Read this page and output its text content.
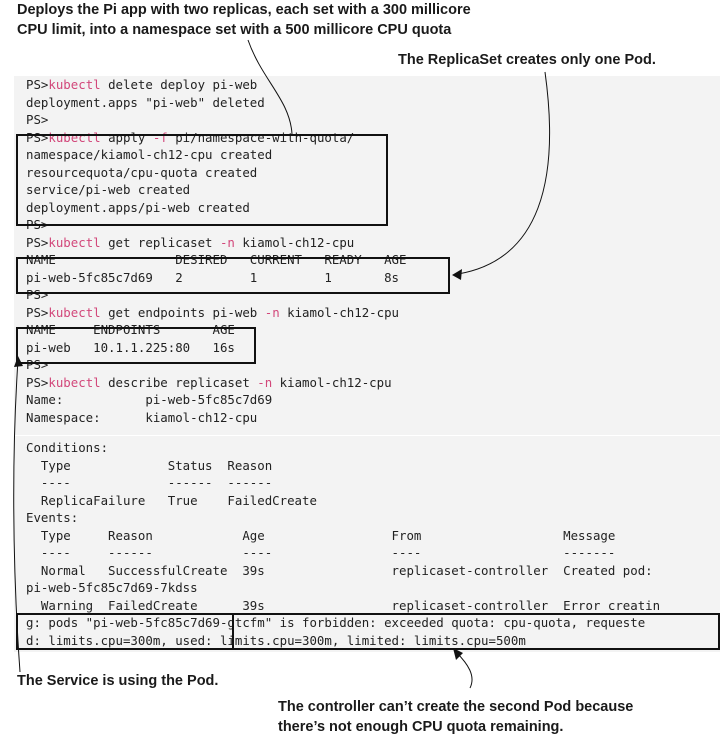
Deploys the Pi app with two replicas, each set with a 300 millicore
CPU limit, into a namespace set with a 500 millicore CPU quota
The ReplicaSet creates only one Pod.
PS>kubectl delete deploy pi-web
deployment.apps "pi-web" deleted
PS>
PS>kubectl apply -f pi/namespace-with-quota/
namespace/kiamol-ch12-cpu created
resourcequota/cpu-quota created
service/pi-web created
deployment.apps/pi-web created
PS>
PS>kubectl get replicaset -n kiamol-ch12-cpu
NAME                DESIRED   CURRENT   READY   AGE
pi-web-5fc85c7d69   2         1         1       8s
PS>
PS>kubectl get endpoints pi-web -n kiamol-ch12-cpu
NAME     ENDPOINTS       AGE
pi-web   10.1.1.225:80   16s
PS>
PS>kubectl describe replicaset -n kiamol-ch12-cpu
Name:           pi-web-5fc85c7d69
Namespace:      kiamol-ch12-cpu
Conditions:
Type             Status  Reason
----             ------  ------
ReplicaFailure   True    FailedCreate
Events:
Type     Reason            Age                 From                   Message
----     ------            ----                ----                   -------
Normal   SuccessfulCreate  39s                 replicaset-controller  Created pod:
pi-web-5fc85c7d69-7kdss
Warning  FailedCreate      39s                 replicaset-controller  Error creatin
g: pods "pi-web-5fc85c7d69-gtcfm" is forbidden: exceeded quota: cpu-quota, requeste
d: limits.cpu=300m, used: limits.cpu=300m, limited: limits.cpu=500m
The Service is using the Pod.
The controller can’t create the second Pod because
there’s not enough CPU quota remaining.
